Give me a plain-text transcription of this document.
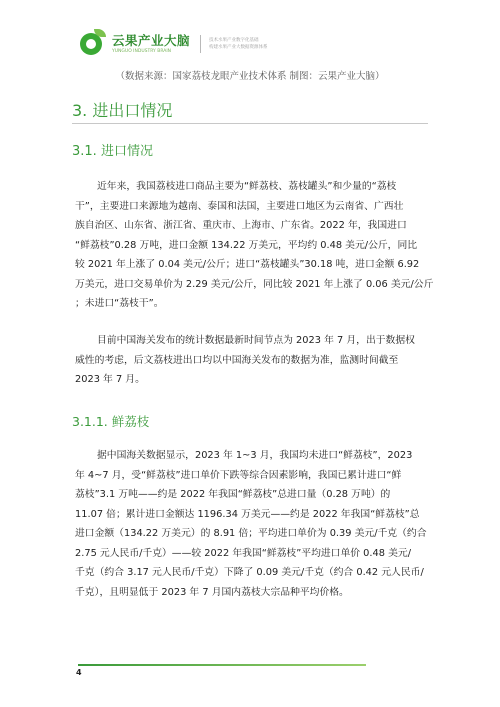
云果产业大脑
YUNGUO INDUSTRY BRAIN
技术水果产业数字化基础
构建水果产业大数据资源体系
（数据来源：国家荔枝龙眼产业技术体系 制图：云果产业大脑）
3. 进出口情况
3.1. 进口情况

近年来，我国荔枝进口商品主要为“鲜荔枝、荔枝罐头”和少量的“荔枝
干”，主要进口来源地为越南、泰国和法国，主要进口地区为云南省、广西壮
族自治区、山东省、浙江省、重庆市、上海市、广东省。2022 年，我国进口
“鲜荔枝”0.28 万吨，进口金额 134.22 万美元，平均约 0.48 美元/公斤，同比
较 2021 年上涨了 0.04 美元/公斤；进口“荔枝罐头”30.18 吨，进口金额 6.92
万美元，进口交易单价为 2.29 美元/公斤，同比较 2021 年上涨了 0.06 美元/公斤
；未进口“荔枝干”。

目前中国海关发布的统计数据最新时间节点为 2023 年 7 月，出于数据权
威性的考虑，后文荔枝进出口均以中国海关发布的数据为准，监测时间截至
2023 年 7 月。

3.1.1. 鲜荔枝

据中国海关数据显示，2023 年 1~3 月，我国均未进口“鲜荔枝”，2023
年 4~7 月，受“鲜荔枝”进口单价下跌等综合因素影响，我国已累计进口“鲜
荔枝”3.1 万吨——约是 2022 年我国“鲜荔枝”总进口量（0.28 万吨）的
11.07 倍；累计进口金额达 1196.34 万美元——约是 2022 年我国“鲜荔枝”总
进口金额（134.22 万美元）的 8.91 倍；平均进口单价为 0.39 美元/千克（约合
2.75 元人民币/千克）——较 2022 年我国“鲜荔枝”平均进口单价 0.48 美元/
千克（约合 3.17 元人民币/千克）下降了 0.09 美元/千克（约合 0.42 元人民币/
千克），且明显低于 2023 年 7 月国内荔枝大宗品种平均价格。

4
